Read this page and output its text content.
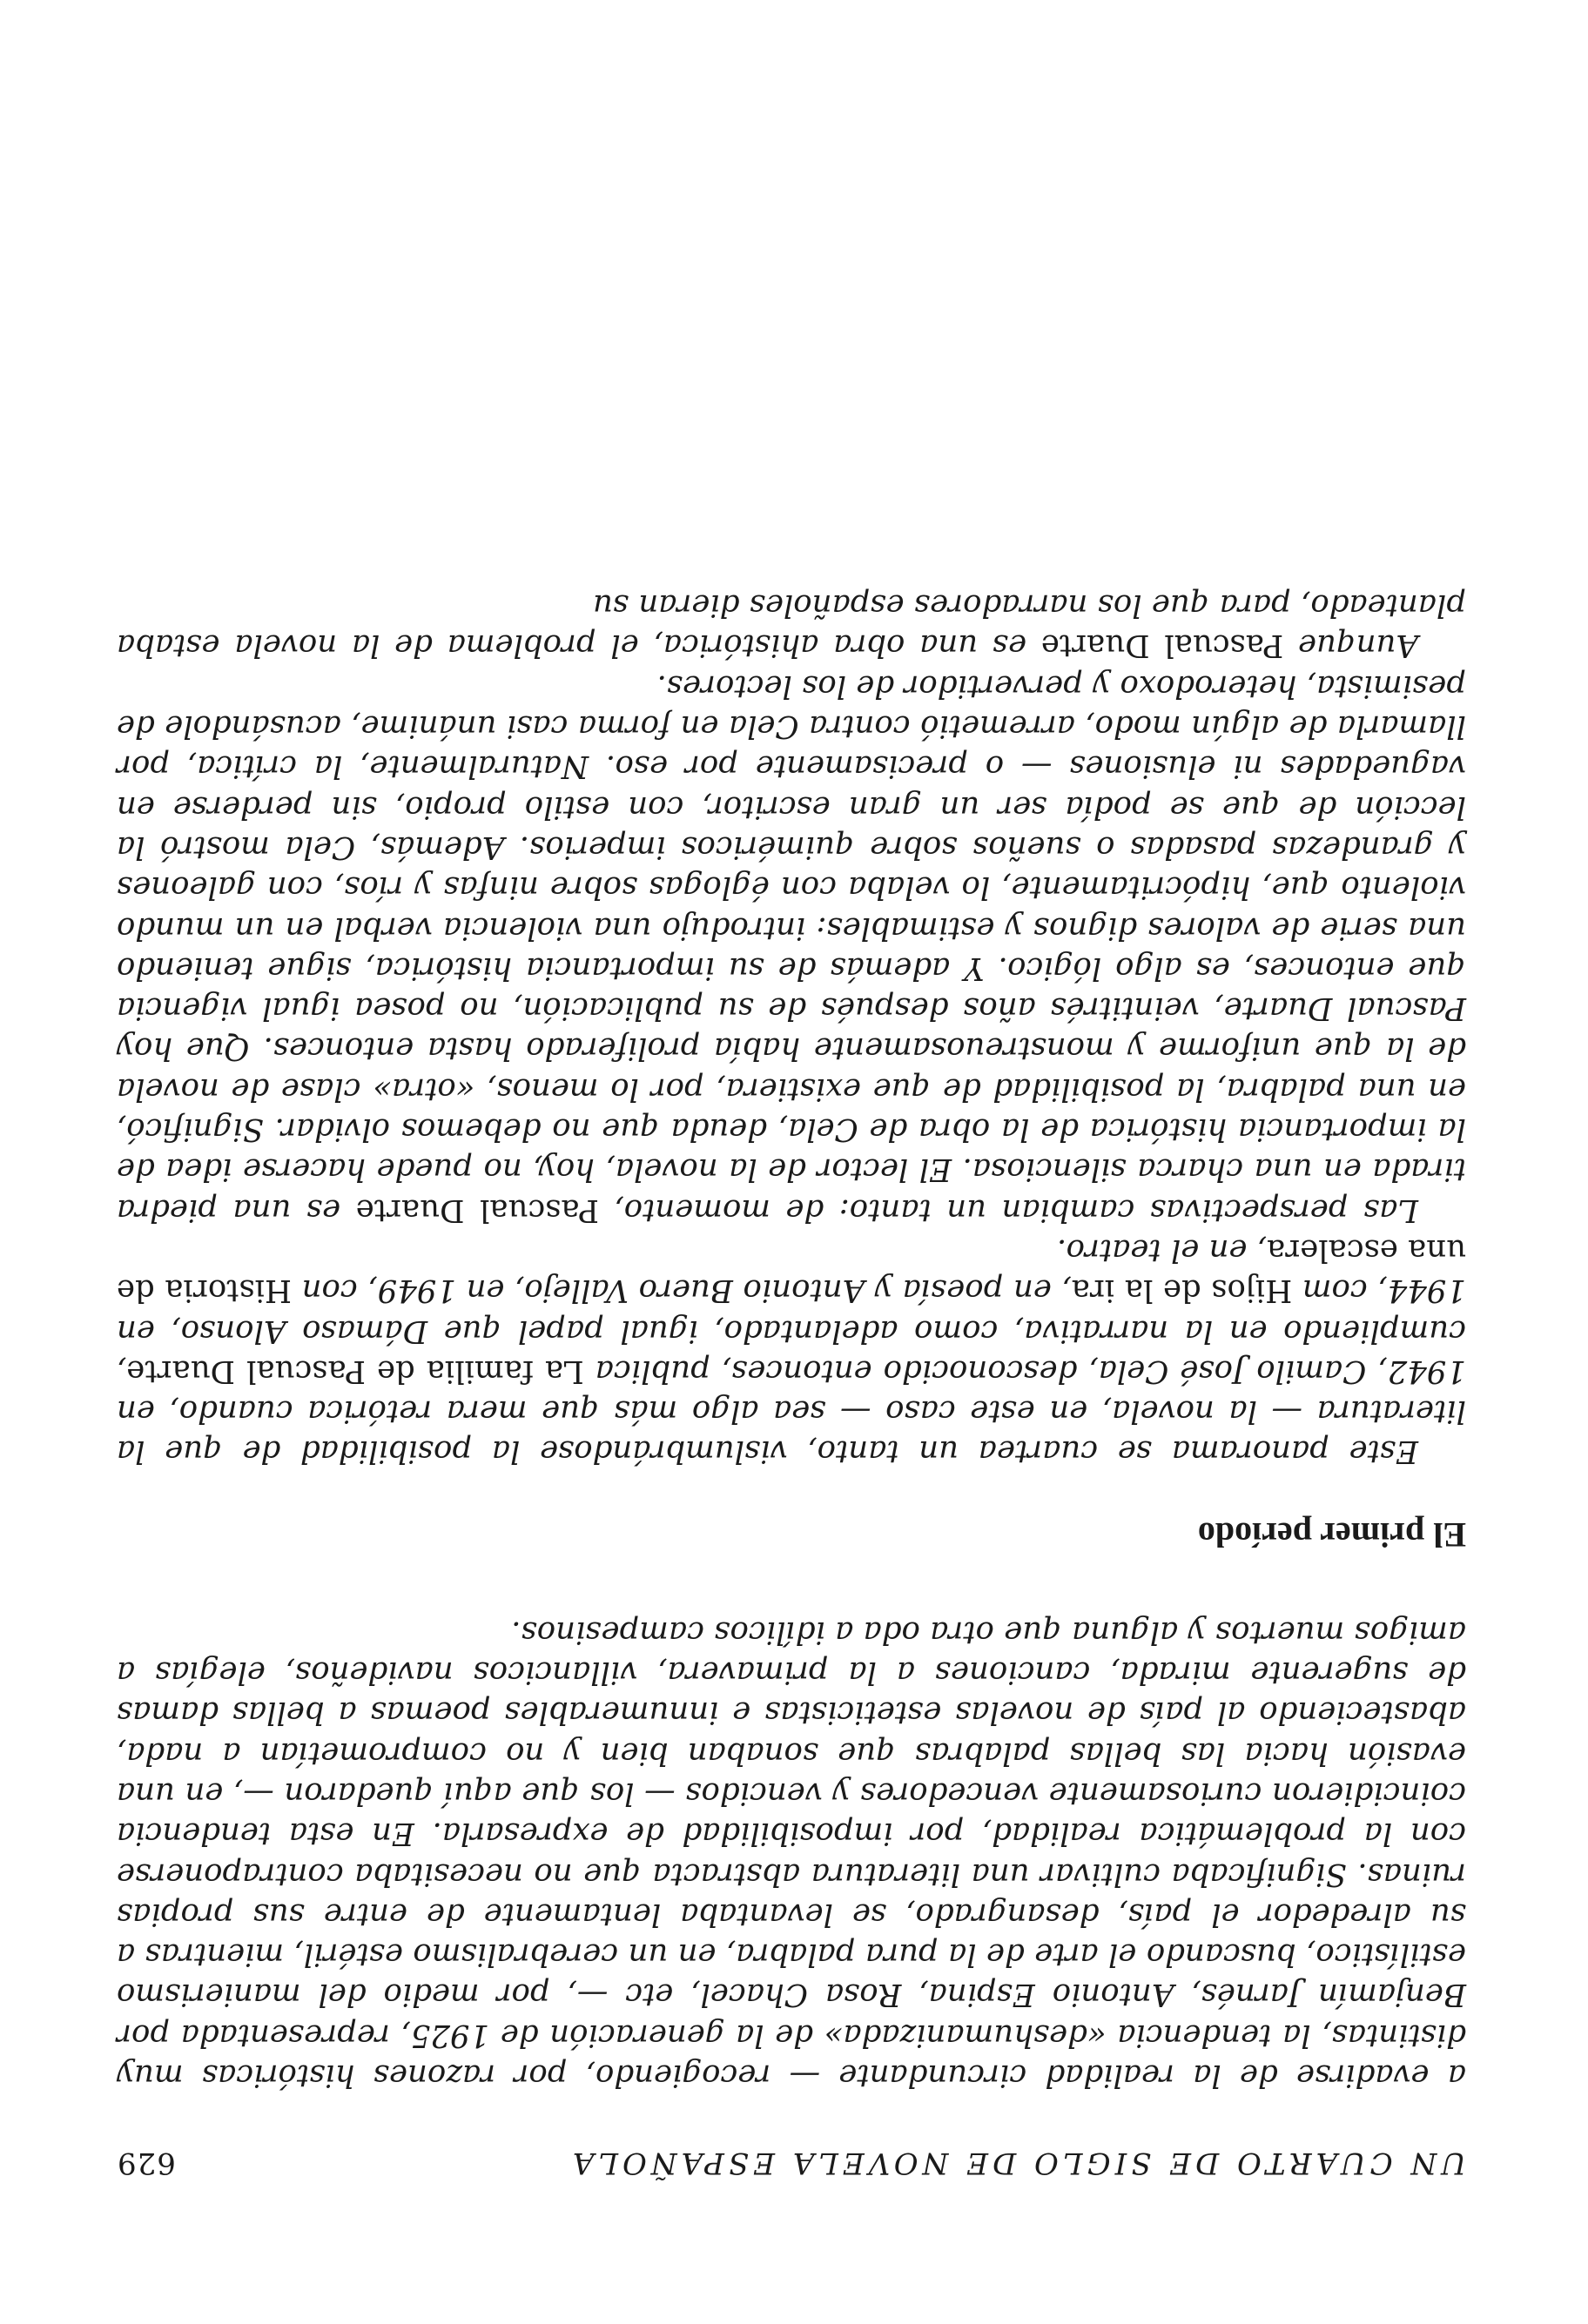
UN CUARTO DE SIGLO DE NOVELA ESPAÑOLA
629

a evadirse de la realidad circundante — recogiendo, por razones históricas muy distintas, la tendencia «deshumanizada» de la generación de 1925, representada por Benjamín Jarnés, Antonio Espina, Rosa Chacel, etc —, por medio del manierismo estilístico, buscando el arte de la pura palabra, en un cerebralismo estéril, mientras a su alrededor el país, desangrado, se levantaba lentamente de entre sus propias ruinas. Significaba cultivar una literatura abstracta que no necesitaba contraponerse con la problemática realidad, por imposibilidad de expresarla. En esta tendencia coincidieron curiosamente vencedores y vencidos — los que aquí quedaron —, en una evasión hacia las bellas palabras que sonaban bien y no comprometían a nada, abasteciendo al país de novelas esteticistas e innumerables poemas a bellas damas de sugerente mirada, canciones a la primavera, villancicos navideños, elegías a amigos muertos y alguna que otra oda a idílicos campesinos.

El primer período

Este panorama se cuartea un tanto, vislumbrándose la posibilidad de que la literatura — la novela, en este caso — sea algo más que mera retórica cuando, en 1942, Camilo José Cela, desconocido entonces, publica La familia de Pascual Duarte, cumpliendo en la narrativa, como adelantado, igual papel que Dámaso Alonso, en 1944, com Hijos de la ira, en poesía y Antonio Buero Vallejo, en 1949, con Historia de una escalera, en el teatro.

Las perspectivas cambian un tanto: de momento, Pascual Duarte es una piedra tirada en una charca silenciosa. El lector de la novela, hoy, no puede hacerse idea de la importancia histórica de la obra de Cela, deuda que no debemos olvidar. Significó, en una palabra, la posibilidad de que existiera, por lo menos, «otra» clase de novela de la que uniforme y monstreuosamente había proliferado hasta entonces. Que hoy Pascual Duarte, veintitrés años después de su publicación, no posea igual vigencia que entonces, es algo lógico. Y además de su importancia histórica, sigue teniendo una serie de valores dignos y estimables: introdujo una violencia verbal en un mundo violento que, hipócritamente, lo velaba con églogas sobre ninfas y ríos, con galeones y grandezas pasadas o sueños sobre quiméricos imperios. Además, Cela mostró la lección de que se podía ser un gran escritor, con estilo propio, sin perderse en vaguedades ni elusiones — o precisamente por eso. Naturalmente, la crítica, por llamarla de algún modo, arremetió contra Cela en forma casi unánime, acusándole de pesimista, heterodoxo y pervertidor de los lectores.

Aunque Pascual Duarte es una obra ahistórica, el problema de la novela estaba planteado, para que los narradores españoles dieran su
